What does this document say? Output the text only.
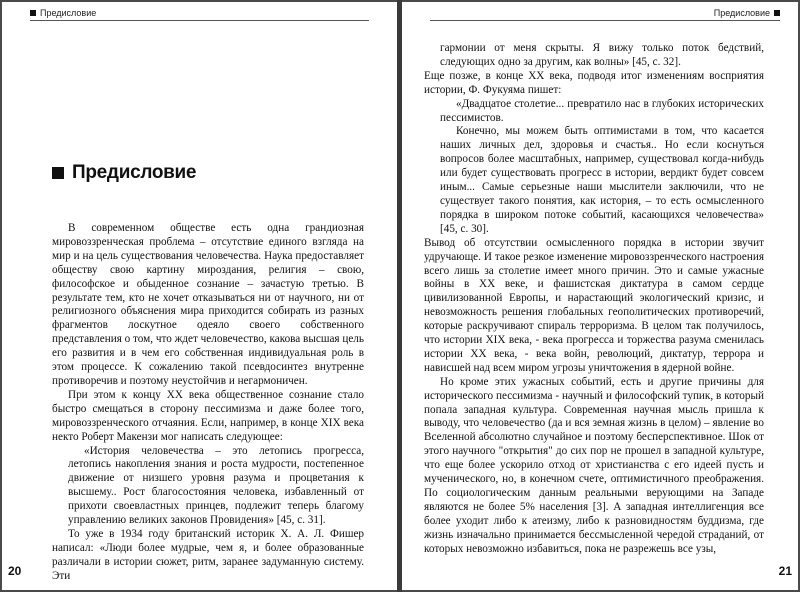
Предисловие
Предисловие

В современном обществе есть одна грандиозная мировоззренческая проблема – отсутствие единого взгляда на мир и на цель существования человечества. Наука предоставляет обществу свою картину мироздания, религия – свою, философское и обыденное сознание – зачастую третью. В результате тем, кто не хочет отказываться ни от научного, ни от религиозного объяснения мира приходится собирать из разных фрагментов лоскутное одеяло своего собственного представления о том, что ждет человечество, какова высшая цель его развития и в чем его собственная индивидуальная роль в этом процессе. К сожалению такой псевдосинтез внутренне противоречив и поэтому неустойчив и негармоничен.

При этом к концу XX века общественное сознание стало быстро смещаться в сторону пессимизма и даже более того, мировоззренческого отчаяния. Если, например, в конце XIX века некто Роберт Макензи мог написать следующее:

«История человечества – это летопись прогресса, летопись накопления знания и роста мудрости, постепенное движение от низшего уровня разума и процветания к высшему.. Рост благосостояния человека, избавленный от прихоти своевластных принцев, подлежит теперь благому управлению великих законов Провидения» [45, с. 31].

То уже в 1934 году британский историк Х. А. Л. Фишер написал: «Люди более мудрые, чем я, и более образованные различали в истории сюжет, ритм, заранее задуманную систему. Эти

20
Предисловие

гармонии от меня скрыты. Я вижу только поток бедствий, следующих одно за другим, как волны» [45, с. 32].

Еще позже, в конце XX века, подводя итог изменениям восприятия истории, Ф. Фукуяма пишет:

«Двадцатое столетие... превратило нас в глубоких исторических пессимистов.

Конечно, мы можем быть оптимистами в том, что касается наших личных дел, здоровья и счастья.. Но если коснуться вопросов более масштабных, например, существовал когда-нибудь или будет существовать прогресс в истории, вердикт будет совсем иным... Самые серьезные наши мыслители заключили, что не существует такого понятия, как история, – то есть осмысленного порядка в широком потоке событий, касающихся человечества» [45, с. 30].

Вывод об отсутствии осмысленного порядка в истории звучит удручающе. И такое резкое изменение мировоззренческого настроения всего лишь за столетие имеет много причин. Это и самые ужасные войны в XX веке, и фашистская диктатура в самом сердце цивилизованной Европы, и нарастающий экологический кризис, и невозможность решения глобальных геополитических противоречий, которые раскручивают спираль терроризма. В целом так получилось, что истории XIX века, - века прогресса и торжества разума сменилась истории XX века, - века войн, революций, диктатур, террора и нависшей над всем миром угрозы уничтожения в ядерной войне.

Но кроме этих ужасных событий, есть и другие причины для исторического пессимизма - научный и философский тупик, в который попала западная культура. Современная научная мысль пришла к выводу, что человечество (да и вся земная жизнь в целом) – явление во Вселенной абсолютно случайное и поэтому бесперспективное. Шок от этого научного "открытия" до сих пор не прошел в западной культуре, что еще более ускорило отход от христианства с его идеей пусть и мученического, но, в конечном счете, оптимистичного преображения. По социологическим данным реальными верующими на Западе являются не более 5% населения [3]. А западная интеллигенция все более уходит либо к атеизму, либо к разновидностям буддизма, где жизнь изначально принимается бессмысленной чередой страданий, от которых невозможно избавиться, пока не разрежешь все узы,

21
